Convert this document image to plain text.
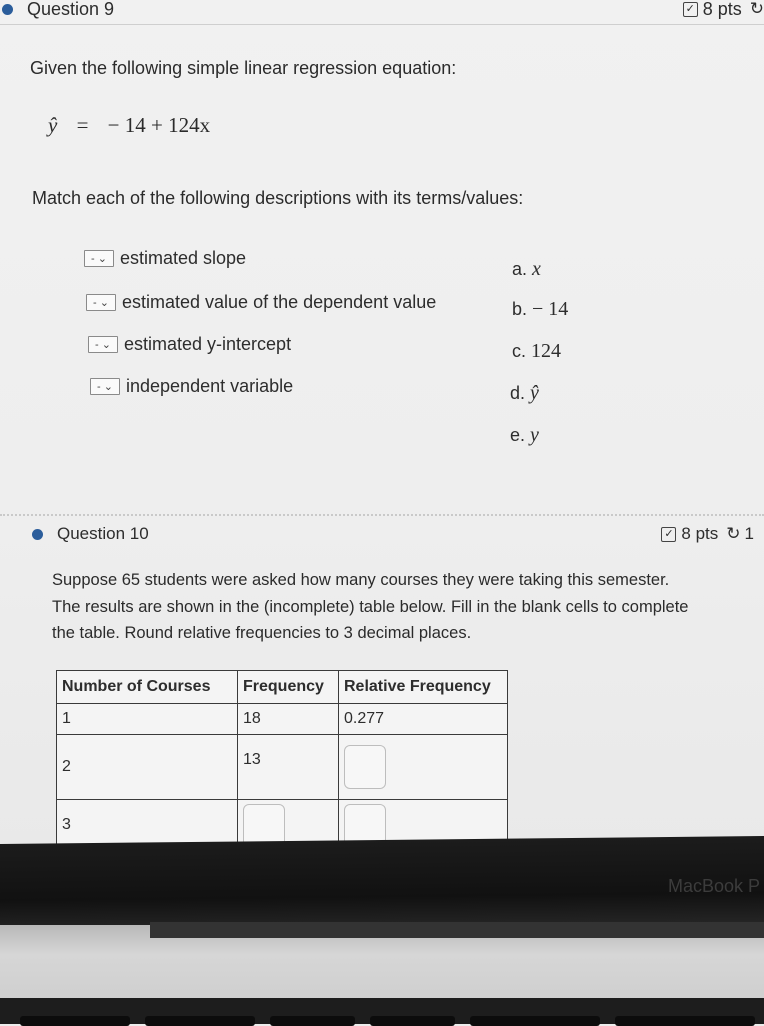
Question 9	✓ 8 pts ↻
Given the following simple linear regression equation:
ŷ = − 14 + 124x
Match each of the following descriptions with its terms/values:
-
⌄ estimated slope
-
⌄ estimated value of the dependent value
-
⌄ estimated y-intercept
-
⌄ independent variable
a. x
b. − 14
c. 124
d. ŷ
e. y
Question 10	✓ 8 pts ↻ 1
Suppose 65 students were asked how many courses they were taking this semester.
The results are shown in the (incomplete) table below. Fill in the blank cells to complete
the table. Round relative frequencies to 3 decimal places.
Number of Courses	Frequency	Relative Frequency
1	18	0.277
2	13	

3	

MacBook P
